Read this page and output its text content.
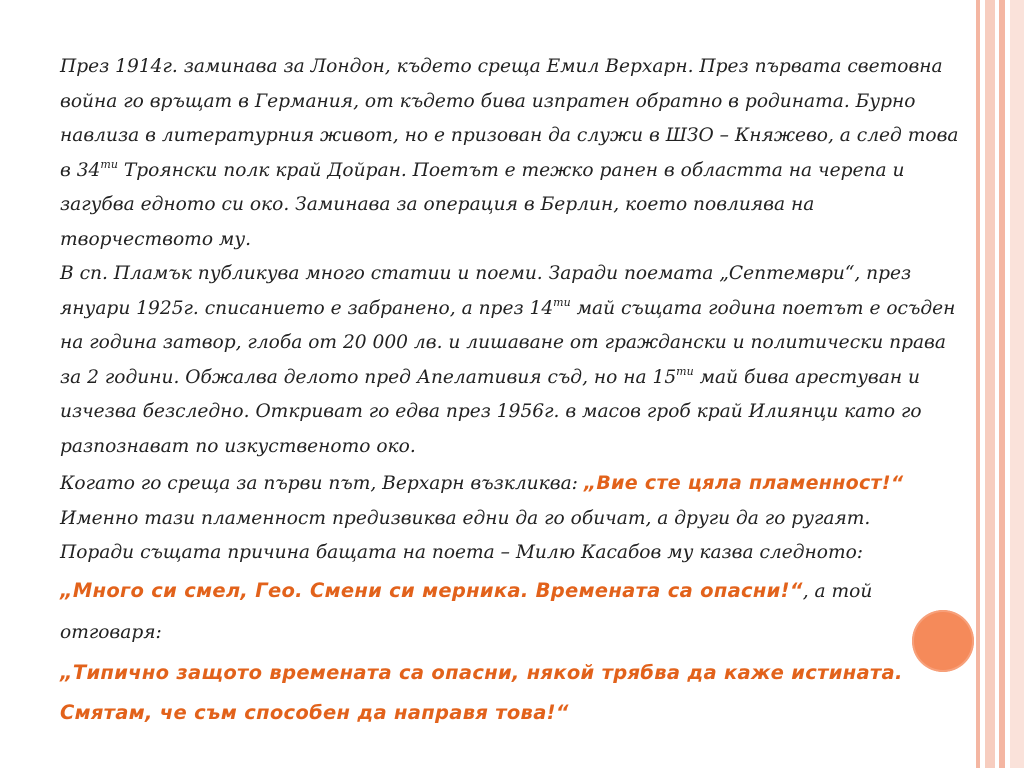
През 1914г. заминава за Лондон, където среща Емил Верхарн. През първата световна война го връщат в Германия, от където бива изпратен обратно в родината. Бурно навлиза в литературния живот, но е призован да служи в ШЗО – Княжево, а след това в $34^{ти}$ Троянски полк край Дойран. Поетът е тежко ранен в областта на черепа и загубва едното си око. Заминава за операция в Берлин, което повлиява на творчеството му.

В сп. Пламък публикува много статии и поеми. Заради поемата „Септември“, през януари 1925г. списанието е забранено, а през $14^{ти}$ май същата година поетът е осъден на година затвор, глоба от 20 000 лв. и лишаване от граждански и политически права за 2 години. Обжалва делото пред Апелативия съд, но на $15^{ти}$ май бива арестуван и изчезва безследно. Откриват го едва през 1956г. в масов гроб край Илиянци като го разпознават по изкуственото око.

Когато го среща за първи път, Верхарн възкликва: „Вие сте цяла пламенност!“
Именно тази пламенност предизвиква едни да го обичат, а други да го ругаят.
Поради същата причина бащата на поета – Милю Касабов му казва следното:

„Много си смел, Гео. Смени си мерника. Времената са опасни!“, а той отговаря:
„Типично защото времената са опасни, някой трябва да каже истината. Смятам, че съм способен да направя това!“
